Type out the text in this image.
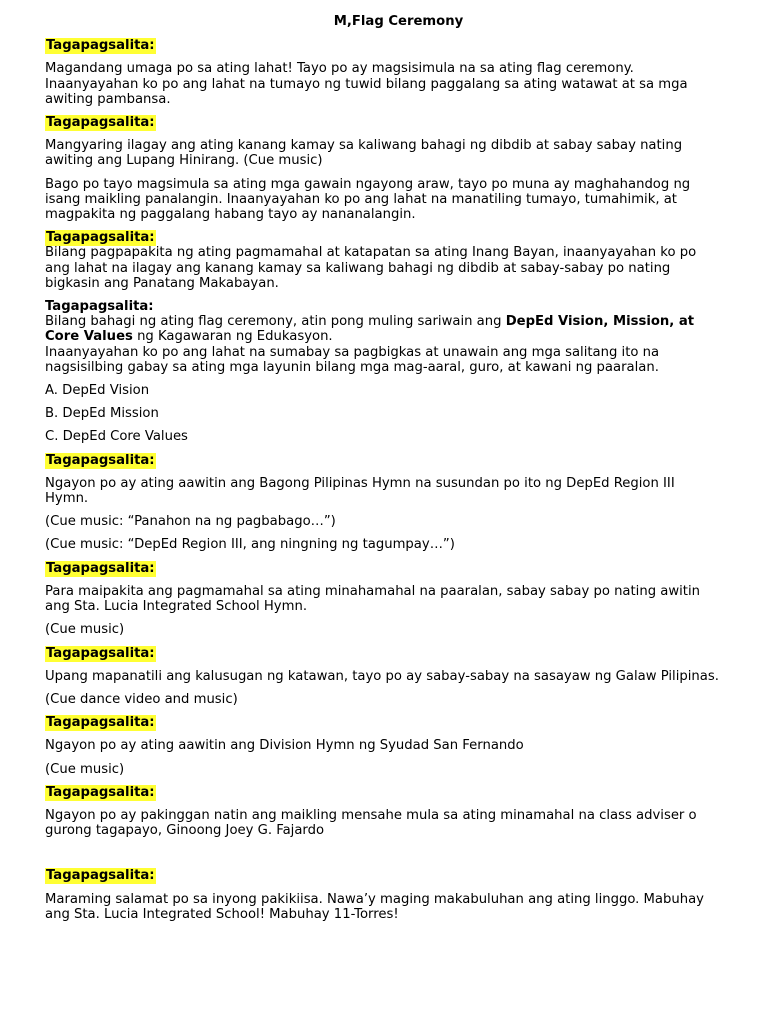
M,Flag Ceremony

Tagapagsalita:

Magandang umaga po sa ating lahat! Tayo po ay magsisimula na sa ating flag ceremony. Inaanyayahan ko po ang lahat na tumayo ng tuwid bilang paggalang sa ating watawat at sa mga awiting pambansa.

Tagapagsalita:

Mangyaring ilagay ang ating kanang kamay sa kaliwang bahagi ng dibdib at sabay sabay nating awiting ang Lupang Hinirang. (Cue music)

Bago po tayo magsimula sa ating mga gawain ngayong araw, tayo po muna ay maghahandog ng isang maikling panalangin. Inaanyayahan ko po ang lahat na manatiling tumayo, tumahimik, at magpakita ng paggalang habang tayo ay nananalangin.

Tagapagsalita:

Bilang pagpapakita ng ating pagmamahal at katapatan sa ating Inang Bayan, inaanyayahan ko po ang lahat na ilagay ang kanang kamay sa kaliwang bahagi ng dibdib at sabay-sabay po nating bigkasin ang Panatang Makabayan.

Tagapagsalita:

Bilang bahagi ng ating flag ceremony, atin pong muling sariwain ang DepEd Vision, Mission, at Core Values ng Kagawaran ng Edukasyon.

Inaanyayahan ko po ang lahat na sumabay sa pagbigkas at unawain ang mga salitang ito na nagsisilbing gabay sa ating mga layunin bilang mga mag-aaral, guro, at kawani ng paaralan.

A. DepEd Vision

B. DepEd Mission

C. DepEd Core Values

Tagapagsalita:

Ngayon po ay ating aawitin ang Bagong Pilipinas Hymn na susundan po ito ng DepEd Region III Hymn.

(Cue music: “Panahon na ng pagbabago…”)

(Cue music: “DepEd Region III, ang ningning ng tagumpay…”)

Tagapagsalita:

Para maipakita ang pagmamahal sa ating minahamahal na paaralan, sabay sabay po nating awitin ang Sta. Lucia Integrated School Hymn.

(Cue music)

Tagapagsalita:

Upang mapanatili ang kalusugan ng katawan, tayo po ay sabay-sabay na sasayaw ng Galaw Pilipinas.

(Cue dance video and music)

Tagapagsalita:

Ngayon po ay ating aawitin ang Division Hymn ng Syudad San Fernando

(Cue music)

Tagapagsalita:

Ngayon po ay pakinggan natin ang maikling mensahe mula sa ating minamahal na class adviser o gurong tagapayo, Ginoong Joey G. Fajardo

Tagapagsalita:

Maraming salamat po sa inyong pakikiisa. Nawa’y maging makabuluhan ang ating linggo. Mabuhay ang Sta. Lucia Integrated School! Mabuhay 11-Torres!
